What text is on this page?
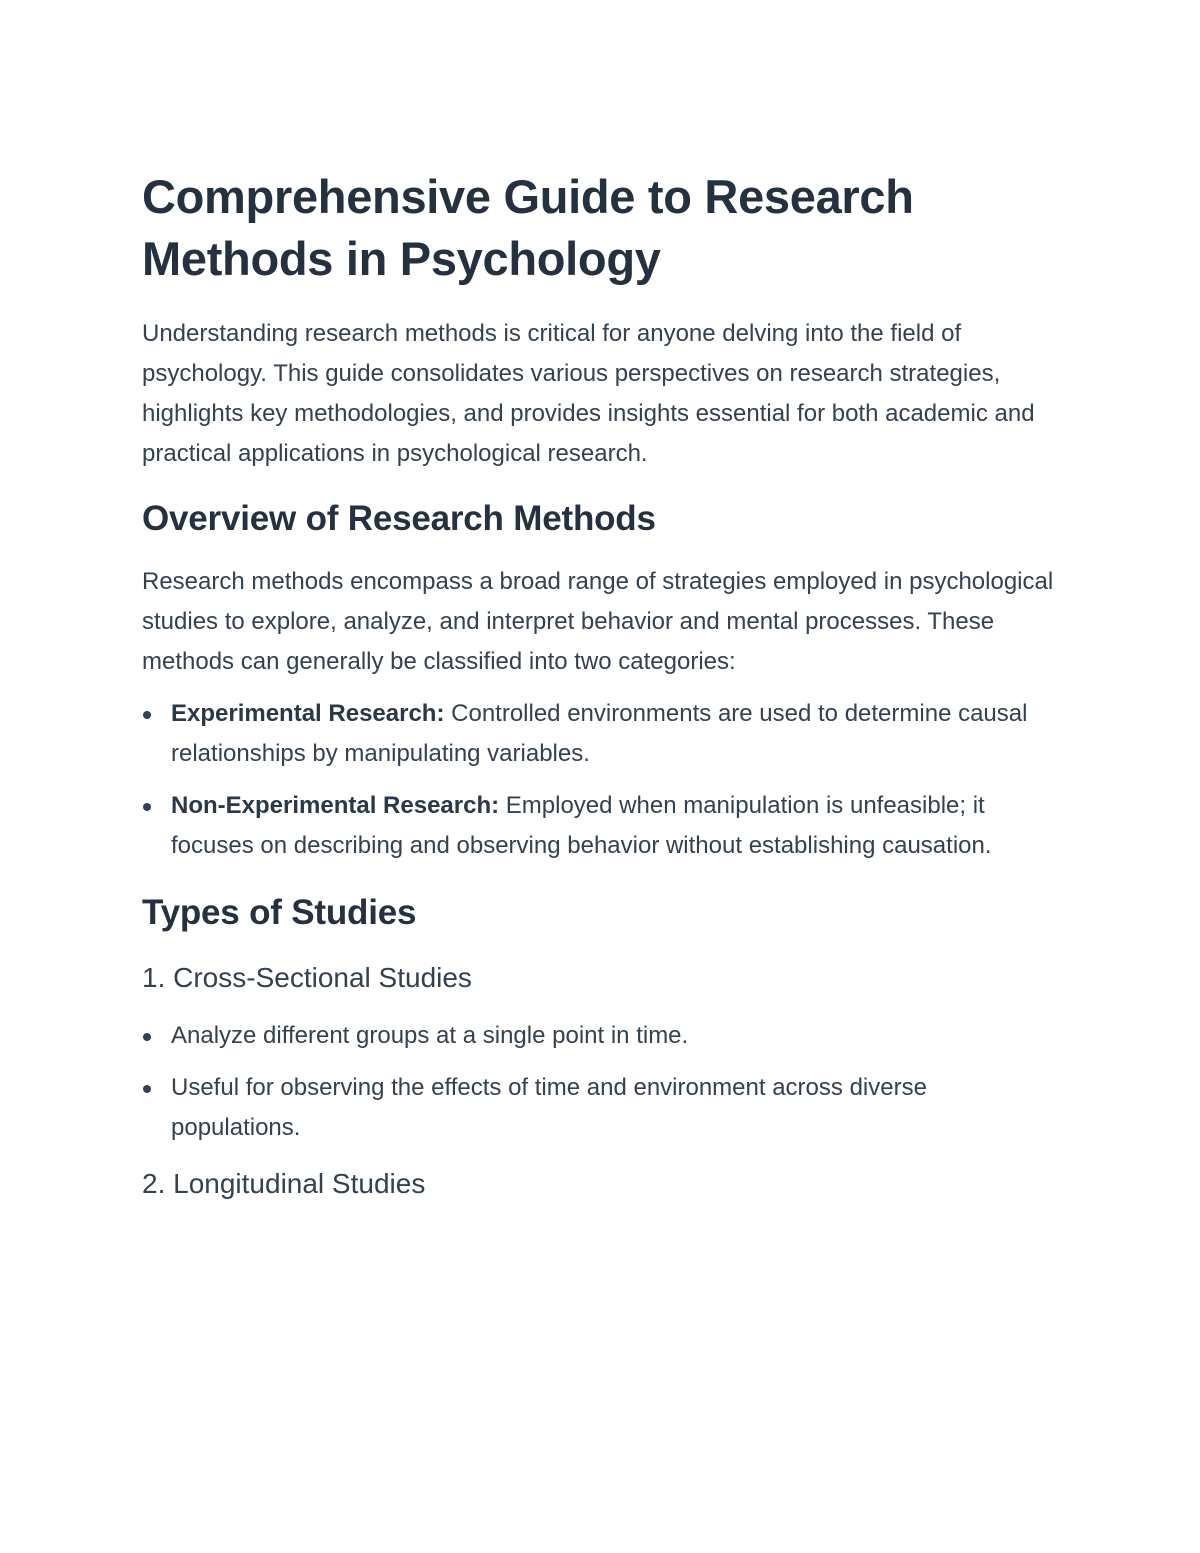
Comprehensive Guide to Research Methods in Psychology

Understanding research methods is critical for anyone delving into the field of psychology. This guide consolidates various perspectives on research strategies, highlights key methodologies, and provides insights essential for both academic and practical applications in psychological research.

Overview of Research Methods

Research methods encompass a broad range of strategies employed in psychological studies to explore, analyze, and interpret behavior and mental processes. These methods can generally be classified into two categories:

Experimental Research: Controlled environments are used to determine causal relationships by manipulating variables.
Non-Experimental Research: Employed when manipulation is unfeasible; it focuses on describing and observing behavior without establishing causation.
Types of Studies
1. Cross-Sectional Studies
Analyze different groups at a single point in time.
Useful for observing the effects of time and environment across diverse populations.
2. Longitudinal Studies
